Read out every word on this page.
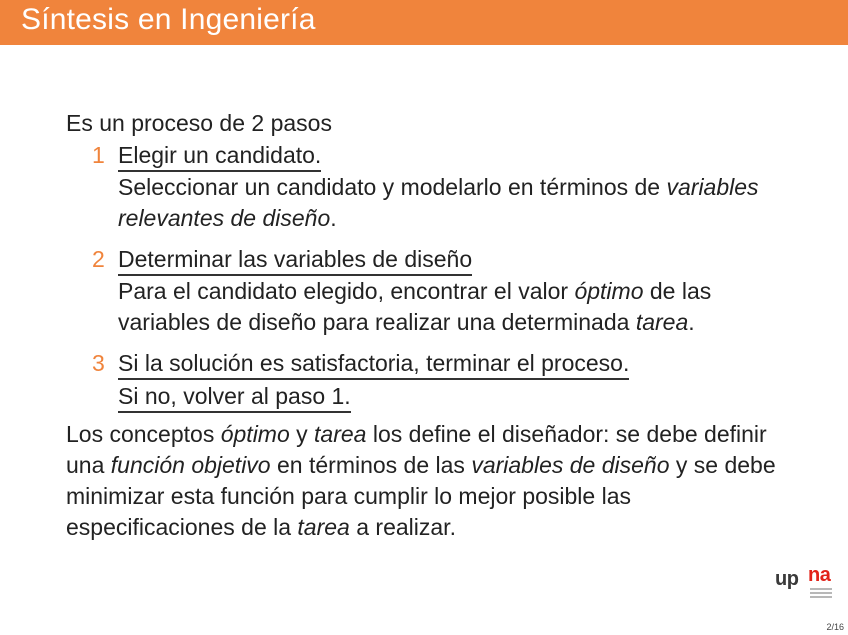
Síntesis en Ingeniería

Es un proceso de 2 pasos

1 Elegir un candidato.
Seleccionar un candidato y modelarlo en términos de variables relevantes de diseño.
2 Determinar las variables de diseño
Para el candidato elegido, encontrar el valor óptimo de las variables de diseño para realizar una determinada tarea.
3 Si la solución es satisfactoria, terminar el proceso.
Si no, volver al paso 1.

Los conceptos óptimo y tarea los define el diseñador: se debe definir una función objetivo en términos de las variables de diseño y se debe minimizar esta función para cumplir lo mejor posible las especificaciones de la tarea a realizar.

up na
2/16
